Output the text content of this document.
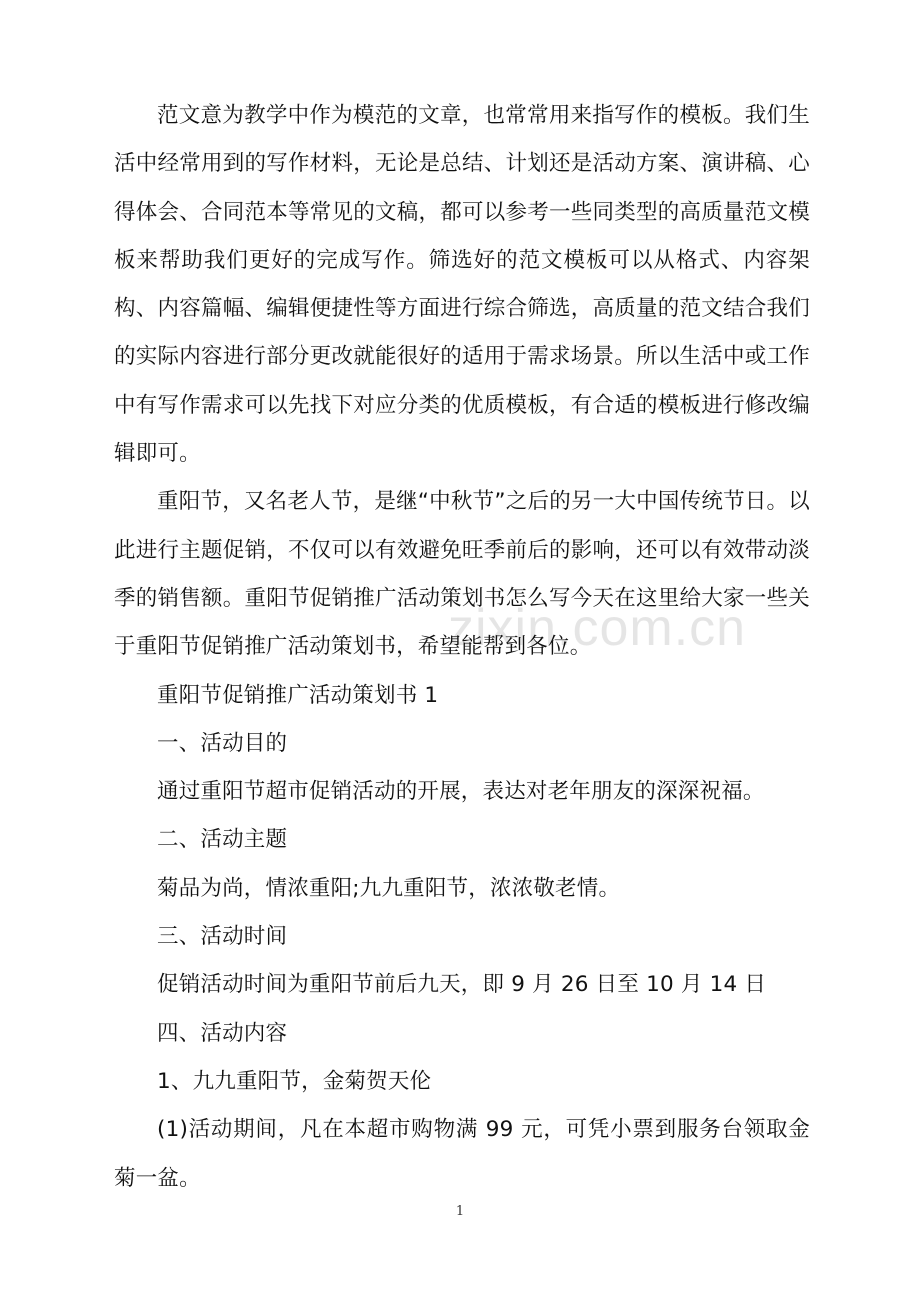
范文意为教学中作为模范的文章，也常常用来指写作的模板。我们生活中经常用到的写作材料，无论是总结、计划还是活动方案、演讲稿、心得体会、合同范本等常见的文稿，都可以参考一些同类型的高质量范文模板来帮助我们更好的完成写作。筛选好的范文模板可以从格式、内容架构、内容篇幅、编辑便捷性等方面进行综合筛选，高质量的范文结合我们的实际内容进行部分更改就能很好的适用于需求场景。所以生活中或工作中有写作需求可以先找下对应分类的优质模板，有合适的模板进行修改编辑即可。

重阳节，又名老人节，是继“中秋节”之后的另一大中国传统节日。以此进行主题促销，不仅可以有效避免旺季前后的影响，还可以有效带动淡季的销售额。重阳节促销推广活动策划书怎么写今天在这里给大家一些关于重阳节促销推广活动策划书，希望能帮到各位。

重阳节促销推广活动策划书 1

一、活动目的

通过重阳节超市促销活动的开展，表达对老年朋友的深深祝福。

二、活动主题

菊品为尚，情浓重阳;九九重阳节，浓浓敬老情。

三、活动时间

促销活动时间为重阳节前后九天，即 9 月 26 日至 10 月 14 日

四、活动内容

1、九九重阳节，金菊贺天伦

(1)活动期间，凡在本超市购物满 99 元，可凭小票到服务台领取金菊一盆。

zixin.com.cn
1
